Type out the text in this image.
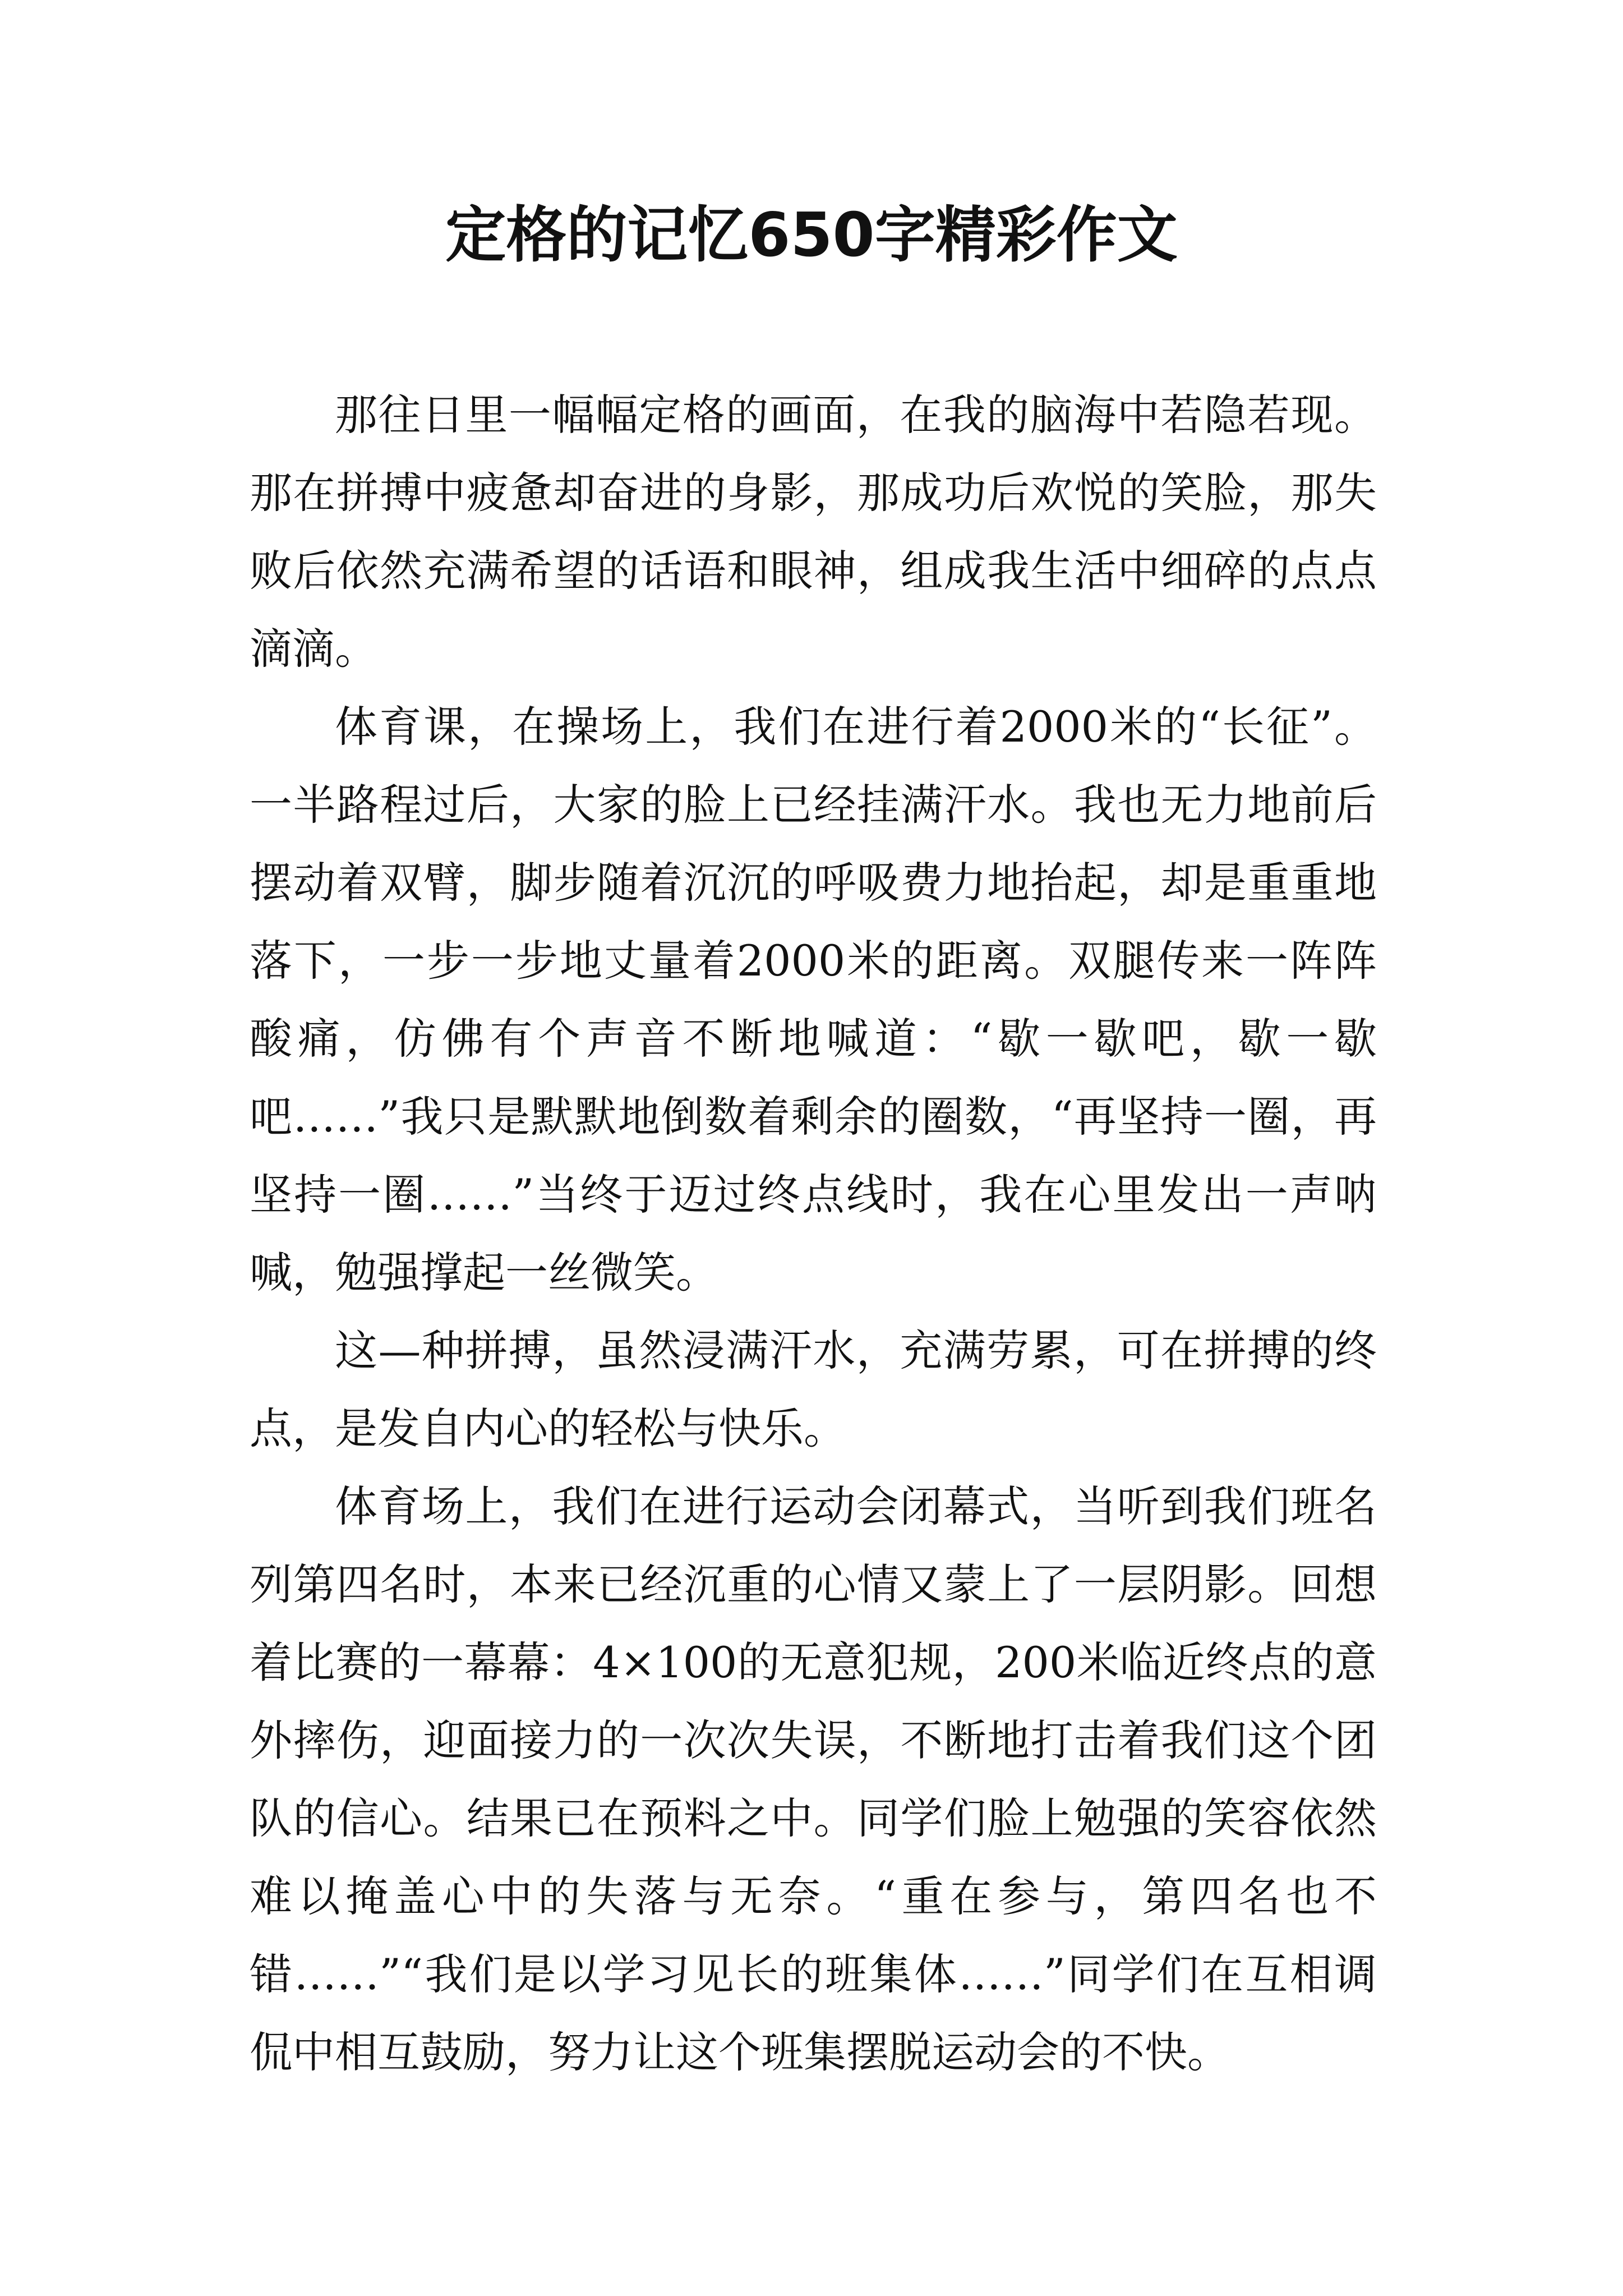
定格的记忆650字精彩作文

那往日里一幅幅定格的画面，在我的脑海中若隐若现。那在拼搏中疲惫却奋进的身影，那成功后欢悦的笑脸，那失败后依然充满希望的话语和眼神，组成我生活中细碎的点点滴滴。

体育课，在操场上，我们在进行着2000米的“长征”。一半路程过后，大家的脸上已经挂满汗水。我也无力地前后摆动着双臂，脚步随着沉沉的呼吸费力地抬起，却是重重地落下，一步一步地丈量着2000米的距离。双腿传来一阵阵酸痛，仿佛有个声音不断地喊道：“歇一歇吧，歇一歇吧……”我只是默默地倒数着剩余的圈数，“再坚持一圈，再坚持一圈……”当终于迈过终点线时，我在心里发出一声呐喊，勉强撑起一丝微笑。

这—种拼搏，虽然浸满汗水，充满劳累，可在拼搏的终点，是发自内心的轻松与快乐。

体育场上，我们在进行运动会闭幕式，当听到我们班名列第四名时，本来已经沉重的心情又蒙上了一层阴影。回想着比赛的一幕幕：4×100的无意犯规，200米临近终点的意外摔伤，迎面接力的一次次失误，不断地打击着我们这个团队的信心。结果已在预料之中。同学们脸上勉强的笑容依然难以掩盖心中的失落与无奈。“重在参与，第四名也不错……”“我们是以学习见长的班集体……”同学们在互相调侃中相互鼓励，努力让这个班集摆脱运动会的不快。
